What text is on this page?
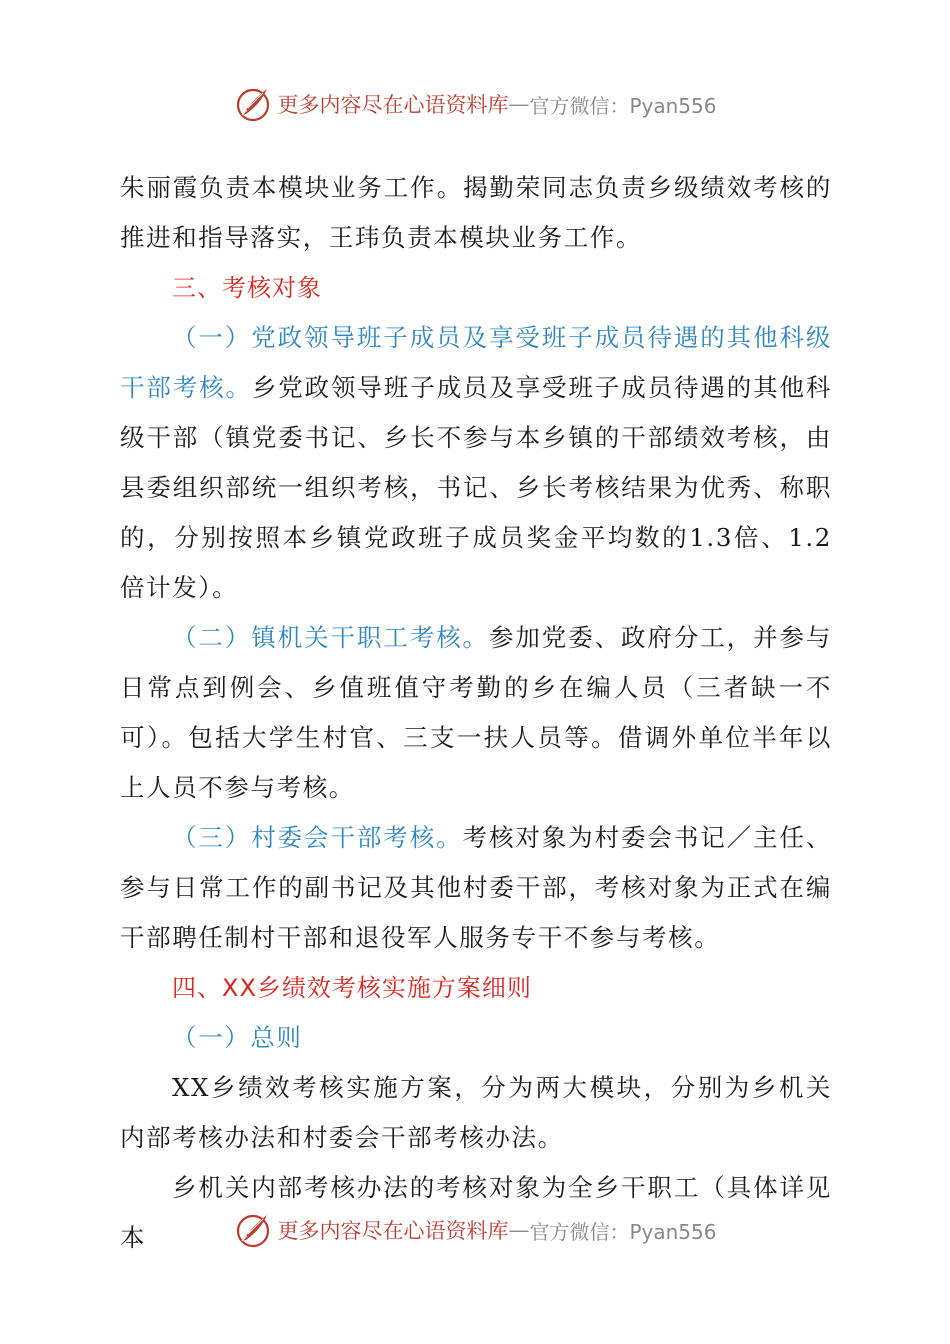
更多内容尽在心语资料库 — 官方微信：Pyan556

朱丽霞负责本模块业务工作。揭勤荣同志负责乡级绩效考核的推进和指导落实，王玮负责本模块业务工作。

三、考核对象

（一）党政领导班子成员及享受班子成员待遇的其他科级干部考核。乡党政领导班子成员及享受班子成员待遇的其他科级干部（镇党委书记、乡长不参与本乡镇的干部绩效考核，由县委组织部统一组织考核，书记、乡长考核结果为优秀、称职的，分别按照本乡镇党政班子成员奖金平均数的1.3倍、1.2倍计发）。

（二）镇机关干职工考核。参加党委、政府分工，并参与日常点到例会、乡值班值守考勤的乡在编人员（三者缺一不可）。包括大学生村官、三支一扶人员等。借调外单位半年以上人员不参与考核。

（三）村委会干部考核。考核对象为村委会书记／主任、参与日常工作的副书记及其他村委干部，考核对象为正式在编干部聘任制村干部和退役军人服务专干不参与考核。

四、XX乡绩效考核实施方案细则

（一）总则

XX乡绩效考核实施方案，分为两大模块，分别为乡机关内部考核办法和村委会干部考核办法。

乡机关内部考核办法的考核对象为全乡干职工（具体详见本	更多内容尽在心语资料库 — 官方微信：Pyan556
